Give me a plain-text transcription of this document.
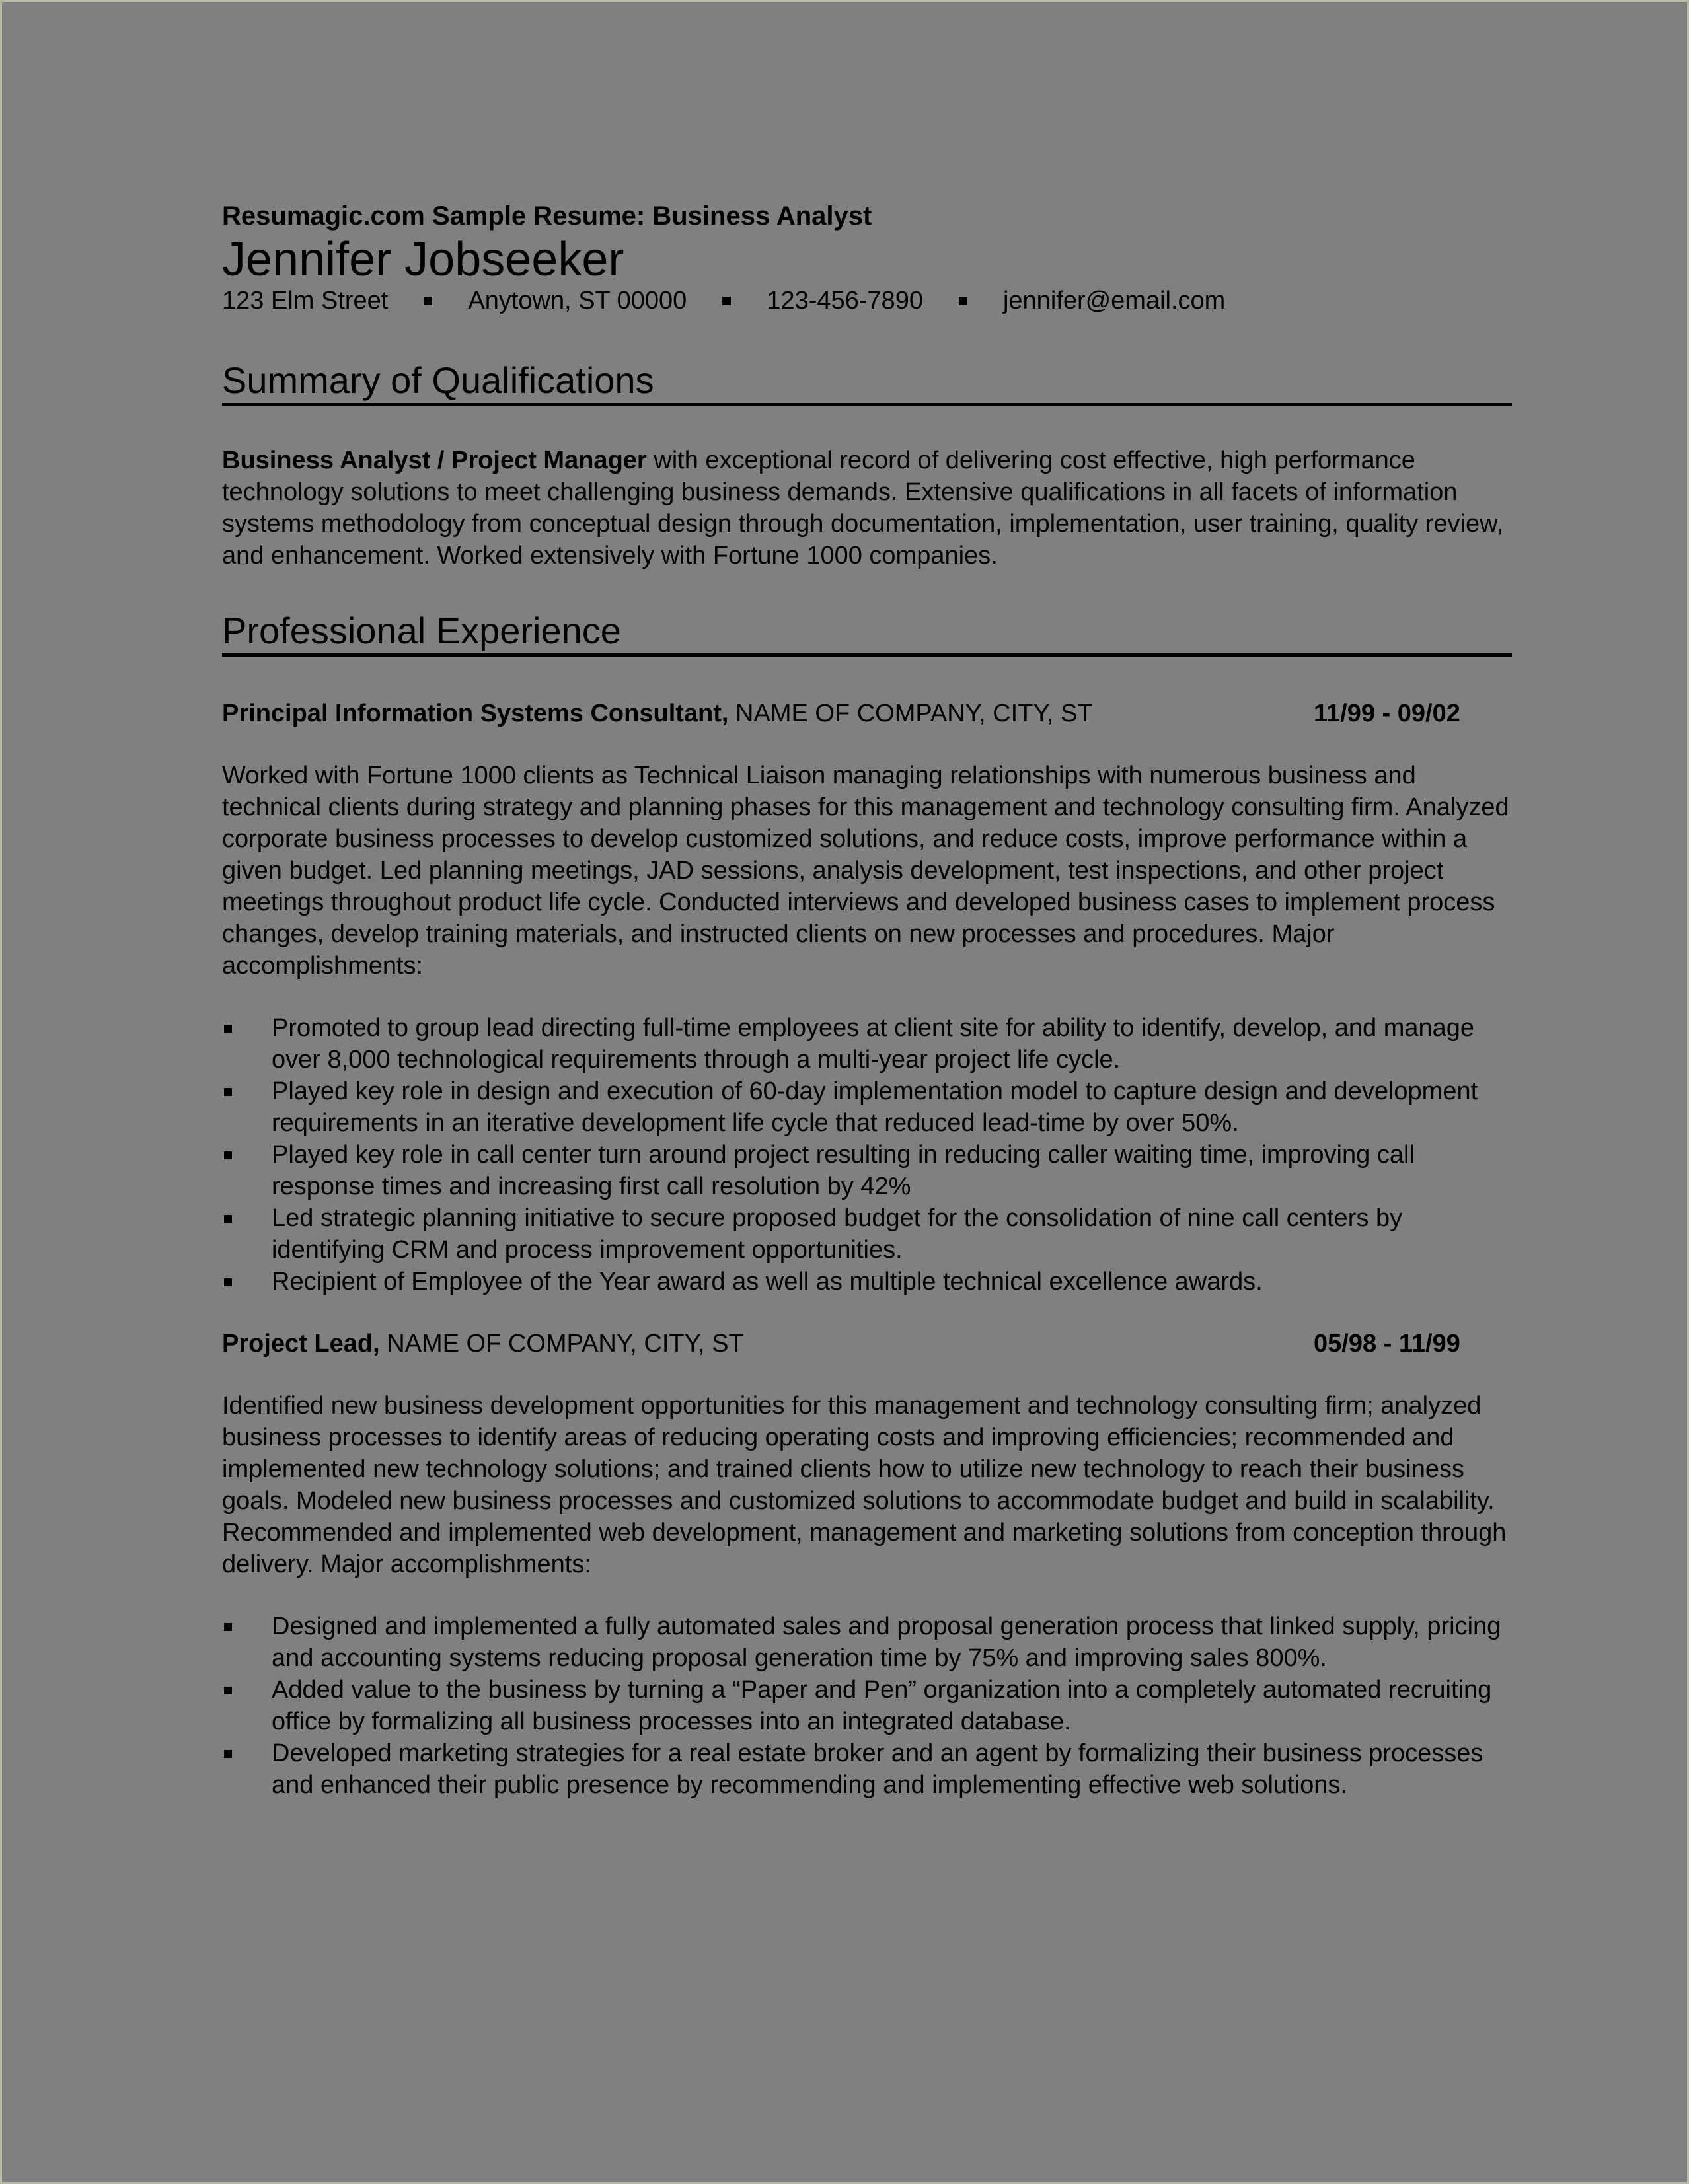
Resumagic.com Sample Resume: Business Analyst
Jennifer Jobseeker
123 Elm Street	Anytown, ST 00000	123-456-7890	jennifer@email.com
Summary of Qualifications

Business Analyst / Project Manager with exceptional record of delivering cost effective, high performance technology solutions to meet challenging business demands. Extensive qualifications in all facets of information systems methodology from conceptual design through documentation, implementation, user training, quality review, and enhancement. Worked extensively with Fortune 1000 companies.

Professional Experience
Principal Information Systems Consultant, NAME OF COMPANY, CITY, ST	11/99 - 09/02

Worked with Fortune 1000 clients as Technical Liaison managing relationships with numerous business and technical clients during strategy and planning phases for this management and technology consulting firm. Analyzed corporate business processes to develop customized solutions, and reduce costs, improve performance within a given budget. Led planning meetings, JAD sessions, analysis development, test inspections, and other project meetings throughout product life cycle. Conducted interviews and developed business cases to implement process changes, develop training materials, and instructed clients on new processes and procedures. Major accomplishments:

Promoted to group lead directing full-time employees at client site for ability to identify, develop, and manage over 8,000 technological requirements through a multi-year project life cycle.
Played key role in design and execution of 60-day implementation model to capture design and development requirements in an iterative development life cycle that reduced lead-time by over 50%.
Played key role in call center turn around project resulting in reducing caller waiting time, improving call response times and increasing first call resolution by 42%
Led strategic planning initiative to secure proposed budget for the consolidation of nine call centers by identifying CRM and process improvement opportunities.
Recipient of Employee of the Year award as well as multiple technical excellence awards.
Project Lead, NAME OF COMPANY, CITY, ST	05/98 - 11/99

Identified new business development opportunities for this management and technology consulting firm; analyzed business processes to identify areas of reducing operating costs and improving efficiencies; recommended and implemented new technology solutions; and trained clients how to utilize new technology to reach their business goals. Modeled new business processes and customized solutions to accommodate budget and build in scalability. Recommended and implemented web development, management and marketing solutions from conception through delivery. Major accomplishments:

Designed and implemented a fully automated sales and proposal generation process that linked supply, pricing and accounting systems reducing proposal generation time by 75% and improving sales 800%.
Added value to the business by turning a “Paper and Pen” organization into a completely automated recruiting office by formalizing all business processes into an integrated database.
Developed marketing strategies for a real estate broker and an agent by formalizing their business processes and enhanced their public presence by recommending and implementing effective web solutions.
